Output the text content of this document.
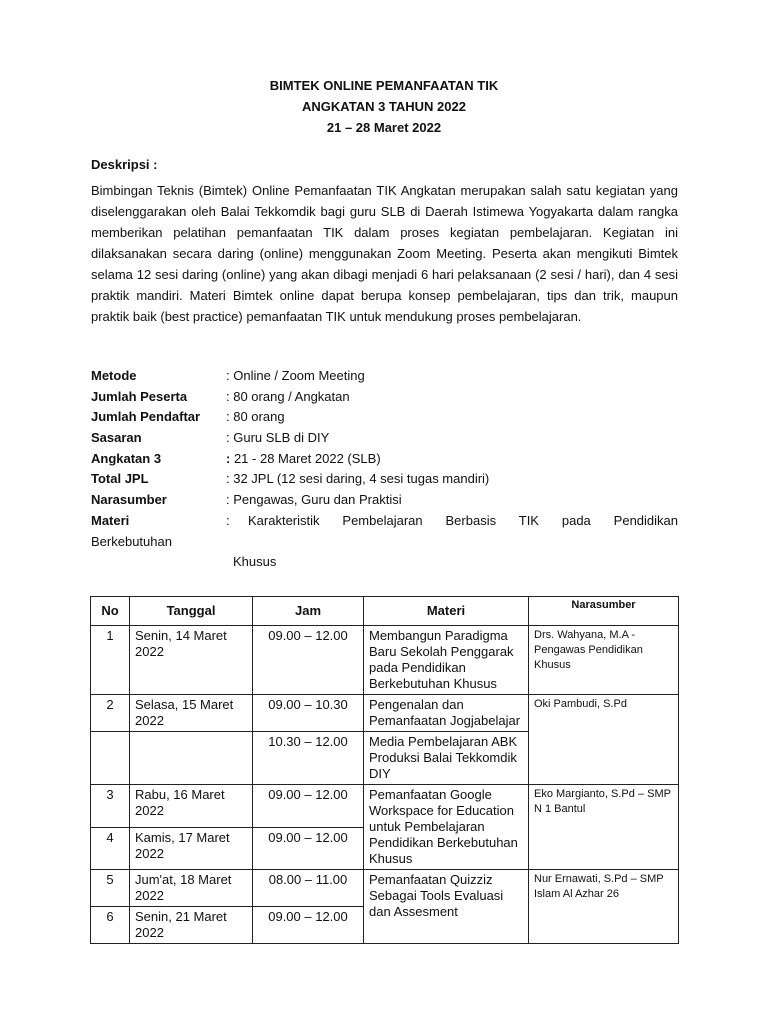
BIMTEK ONLINE PEMANFAATAN TIK
ANGKATAN 3 TAHUN 2022
21 – 28 Maret 2022
Deskripsi :
Bimbingan Teknis (Bimtek) Online Pemanfaatan TIK Angkatan merupakan salah satu kegiatan yang diselenggarakan oleh Balai Tekkomdik bagi guru SLB di Daerah Istimewa Yogyakarta dalam rangka memberikan pelatihan pemanfaatan TIK dalam proses kegiatan pembelajaran. Kegiatan ini dilaksanakan secara daring (online) menggunakan Zoom Meeting. Peserta akan mengikuti Bimtek selama 12 sesi daring (online) yang akan dibagi menjadi 6 hari pelaksanaan (2 sesi / hari), dan 4 sesi praktik mandiri. Materi Bimtek online dapat berupa konsep pembelajaran, tips dan trik, maupun praktik baik (best practice) pemanfaatan TIK untuk mendukung proses pembelajaran.
Metode	: Online / Zoom Meeting
Jumlah Peserta	: 80 orang / Angkatan
Jumlah Pendaftar : 80 orang
Sasaran	: Guru SLB di DIY
Angkatan 3	: 21 - 28 Maret 2022 (SLB)
Total JPL	: 32 JPL (12 sesi daring, 4 sesi tugas mandiri)
Narasumber	: Pengawas, Guru dan Praktisi
Materi	:	Karakteristik Pembelajaran Berbasis TIK pada Pendidikan
Berkebutuhan
Khusus
No	Tanggal	Jam	Materi	Narasumber
1	Senin, 14 Maret 2022	09.00 – 12.00	Membangun Paradigma Baru Sekolah Penggarak pada Pendidikan Berkebutuhan Khusus	Drs. Wahyana, M.A - Pengawas Pendidikan Khusus
2	Selasa, 15 Maret 2022	09.00 – 10.30	Pengenalan dan Pemanfaatan Jogjabelajar	Oki Pambudi, S.Pd
		10.30 – 12.00	Media Pembelajaran ABK Produksi Balai Tekkomdik DIY	
3	Rabu, 16 Maret 2022	09.00 – 12.00	Pemanfaatan Google Workspace for Education untuk Pembelajaran Pendidikan Berkebutuhan Khusus	Eko Margianto, S.Pd – SMP N 1 Bantul
4	Kamis, 17 Maret 2022	09.00 – 12.00		
5	Jum'at, 18 Maret 2022	08.00 – 11.00	Pemanfaatan Quizziz Sebagai Tools Evaluasi dan Assesment	Nur Ernawati, S.Pd – SMP Islam Al Azhar 26
6	Senin, 21 Maret 2022	09.00 – 12.00		
